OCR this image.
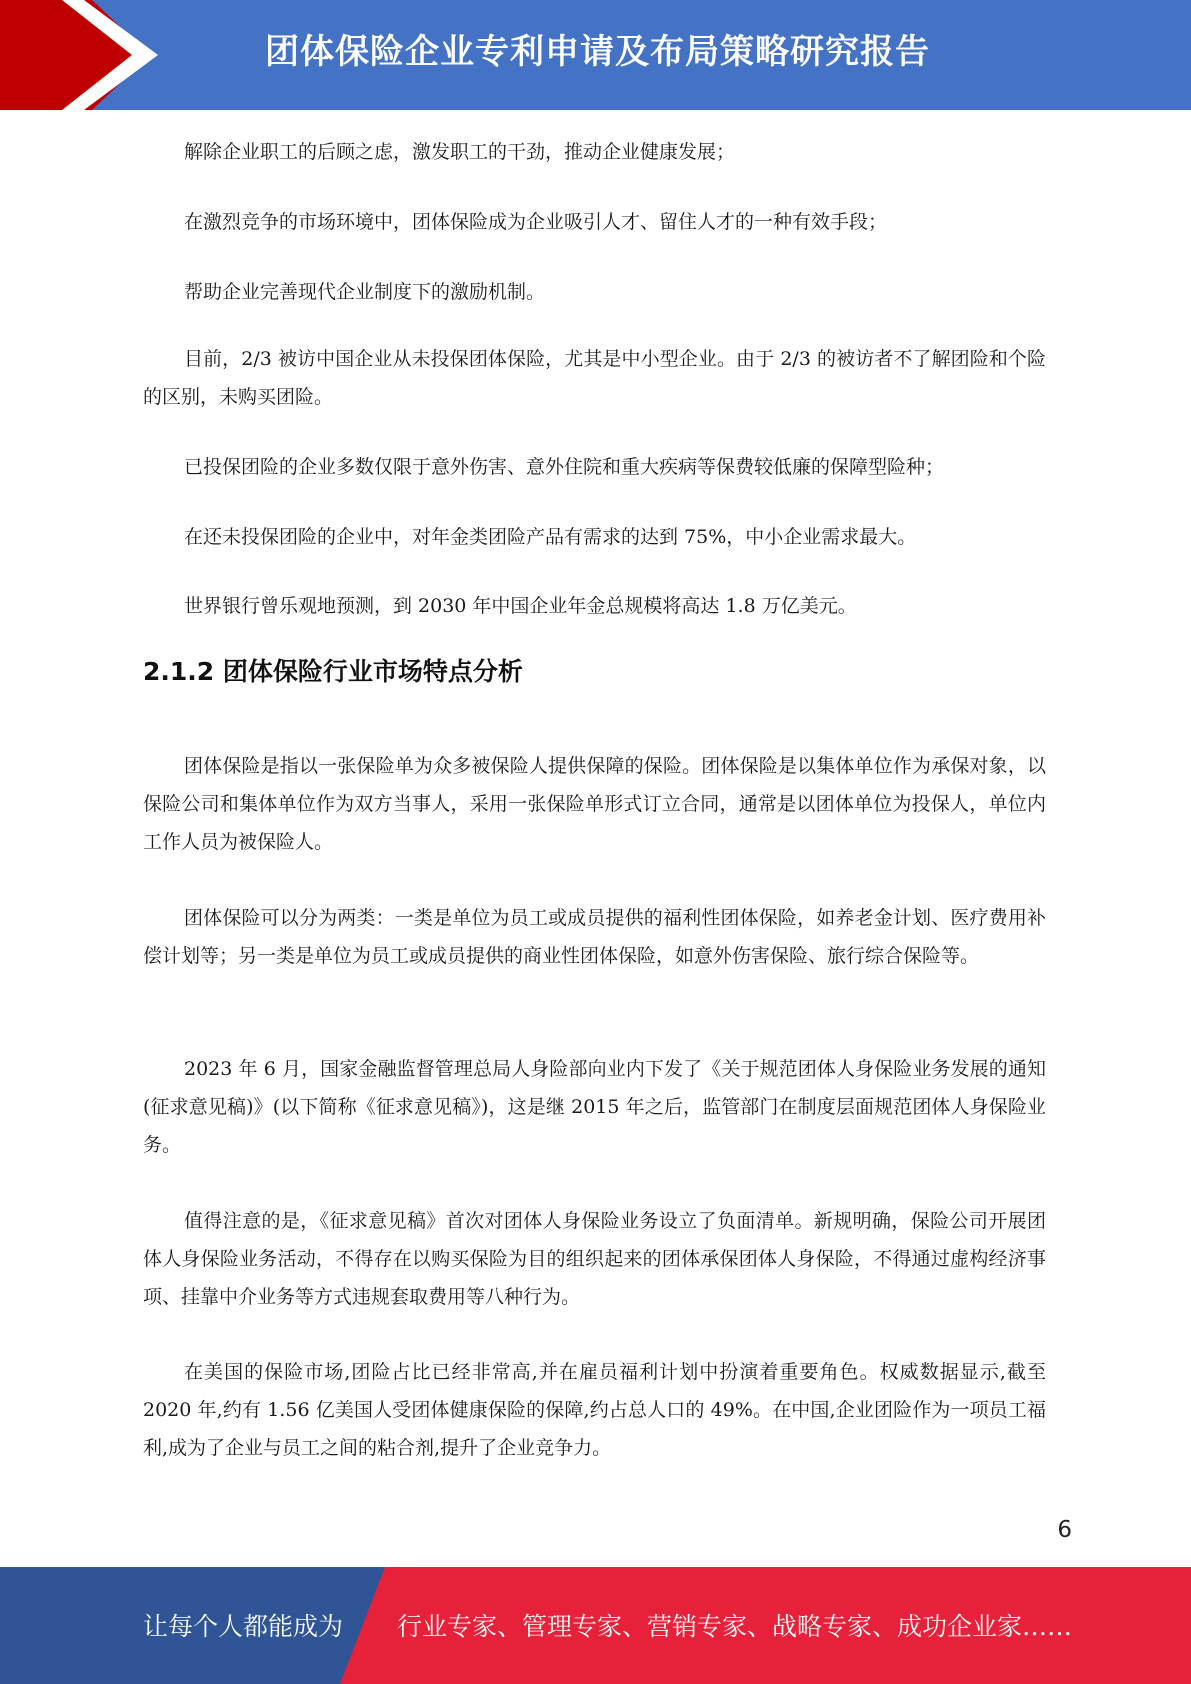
团体保险企业专利申请及布局策略研究报告

解除企业职工的后顾之虑，激发职工的干劲，推动企业健康发展；

在激烈竞争的市场环境中，团体保险成为企业吸引人才、留住人才的一种有效手段；

帮助企业完善现代企业制度下的激励机制。

目前，2/3 被访中国企业从未投保团体保险，尤其是中小型企业。由于 2/3 的被访者不了解团险和个险的区别，未购买团险。

已投保团险的企业多数仅限于意外伤害、意外住院和重大疾病等保费较低廉的保障型险种；

在还未投保团险的企业中，对年金类团险产品有需求的达到 75%，中小企业需求最大。

世界银行曾乐观地预测，到 2030 年中国企业年金总规模将高达 1.8 万亿美元。

2.1.2 团体保险行业市场特点分析

团体保险是指以一张保险单为众多被保险人提供保障的保险。团体保险是以集体单位作为承保对象，以保险公司和集体单位作为双方当事人，采用一张保险单形式订立合同，通常是以团体单位为投保人，单位内工作人员为被保险人。

团体保险可以分为两类：一类是单位为员工或成员提供的福利性团体保险，如养老金计划、医疗费用补偿计划等；另一类是单位为员工或成员提供的商业性团体保险，如意外伤害保险、旅行综合保险等。

2023 年 6 月，国家金融监督管理总局人身险部向业内下发了《关于规范团体人身保险业务发展的通知(征求意见稿)》(以下简称《征求意见稿》)，这是继 2015 年之后，监管部门在制度层面规范团体人身保险业务。

值得注意的是，《征求意见稿》首次对团体人身保险业务设立了负面清单。新规明确，保险公司开展团体人身保险业务活动，不得存在以购买保险为目的组织起来的团体承保团体人身保险，不得通过虚构经济事项、挂靠中介业务等方式违规套取费用等八种行为。

在美国的保险市场,团险占比已经非常高,并在雇员福利计划中扮演着重要角色。权威数据显示,截至 2020 年,约有 1.56 亿美国人受团体健康保险的保障,约占总人口的 49%。在中国,企业团险作为一项员工福利,成为了企业与员工之间的粘合剂,提升了企业竞争力。

6
让每个人都能成为 行业专家、管理专家、营销专家、战略专家、成功企业家……
